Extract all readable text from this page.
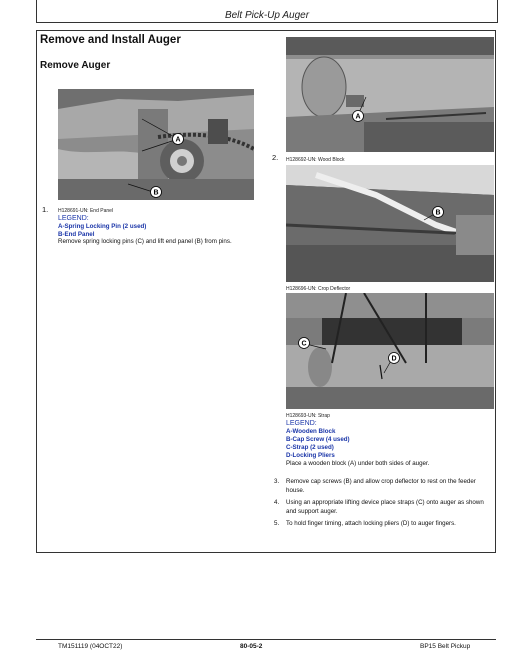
Belt Pick-Up Auger
Remove and Install Auger
Remove Auger
A
B
1. H128691-UN: End Panel
LEGEND:
A-Spring Locking Pin (2 used)
B-End Panel
Remove spring locking pins (C) and lift end panel (B) from pins.
A
2. H128692-UN: Wood Block
B
H128696-UN: Crop Deflector
C
D
H128693-UN: Strap
LEGEND:
A-Wooden Block
B-Cap Screw (4 used)
C-Strap (2 used)
D-Locking Pliers
Place a wooden block (A) under both sides of auger.
3. Remove cap screws (B) and allow crop deflector to rest on the feeder house.
4. Using an appropriate lifting device place straps (C) onto auger as shown and support auger.
5. To hold finger timing, attach locking pliers (D) to auger fingers.
TM151119 (04OCT22)	80-05-2	BP15 Belt Pickup
